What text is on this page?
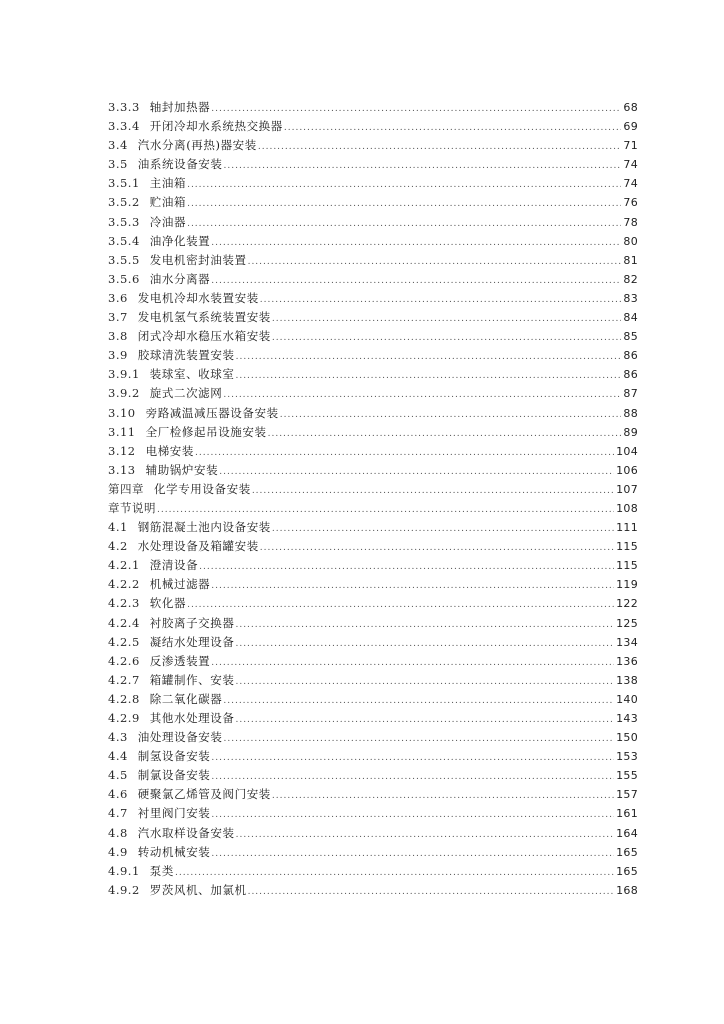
3.3.3 轴封加热器 .....	68
3.3.4 开闭冷却水系统热交换器 .....	69
3.4 汽水分离(再热)器安装 .....	71
3.5 油系统设备安装 .....	74
3.5.1 主油箱 .....	74
3.5.2 贮油箱 .....	76
3.5.3 冷油器 .....	78
3.5.4 油净化装置 .....	80
3.5.5 发电机密封油装置 .....	81
3.5.6 油水分离器 .....	82
3.6 发电机冷却水装置安装 .....	83
3.7 发电机氢气系统装置安装 .....	84
3.8 闭式冷却水稳压水箱安装 .....	85
3.9 胶球清洗装置安装 .....	86
3.9.1 装球室、收球室 .....	86
3.9.2 旋式二次滤网 .....	87
3.10 旁路减温减压器设备安装 .....	88
3.11 全厂检修起吊设施安装 .....	89
3.12 电梯安装 .....	104
3.13 辅助锅炉安装 .....	106
第四章 化学专用设备安装 .....	107
章节说明 .....	108
4.1 钢筋混凝土池内设备安装 .....	111
4.2 水处理设备及箱罐安装 .....	115
4.2.1 澄清设备 .....	115
4.2.2 机械过滤器 .....	119
4.2.3 软化器 .....	122
4.2.4 衬胶离子交换器 .....	125
4.2.5 凝结水处理设备 .....	134
4.2.6 反渗透装置 .....	136
4.2.7 箱罐制作、安装 .....	138
4.2.8 除二氧化碳器 .....	140
4.2.9 其他水处理设备 .....	143
4.3 油处理设备安装 .....	150
4.4 制氢设备安装 .....	153
4.5 制氯设备安装 .....	155
4.6 硬聚氯乙烯管及阀门安装 .....	157
4.7 衬里阀门安装 .....	161
4.8 汽水取样设备安装 .....	164
4.9 转动机械安装 .....	165
4.9.1 泵类 .....	165
4.9.2 罗茨风机、加氯机 .....	168
